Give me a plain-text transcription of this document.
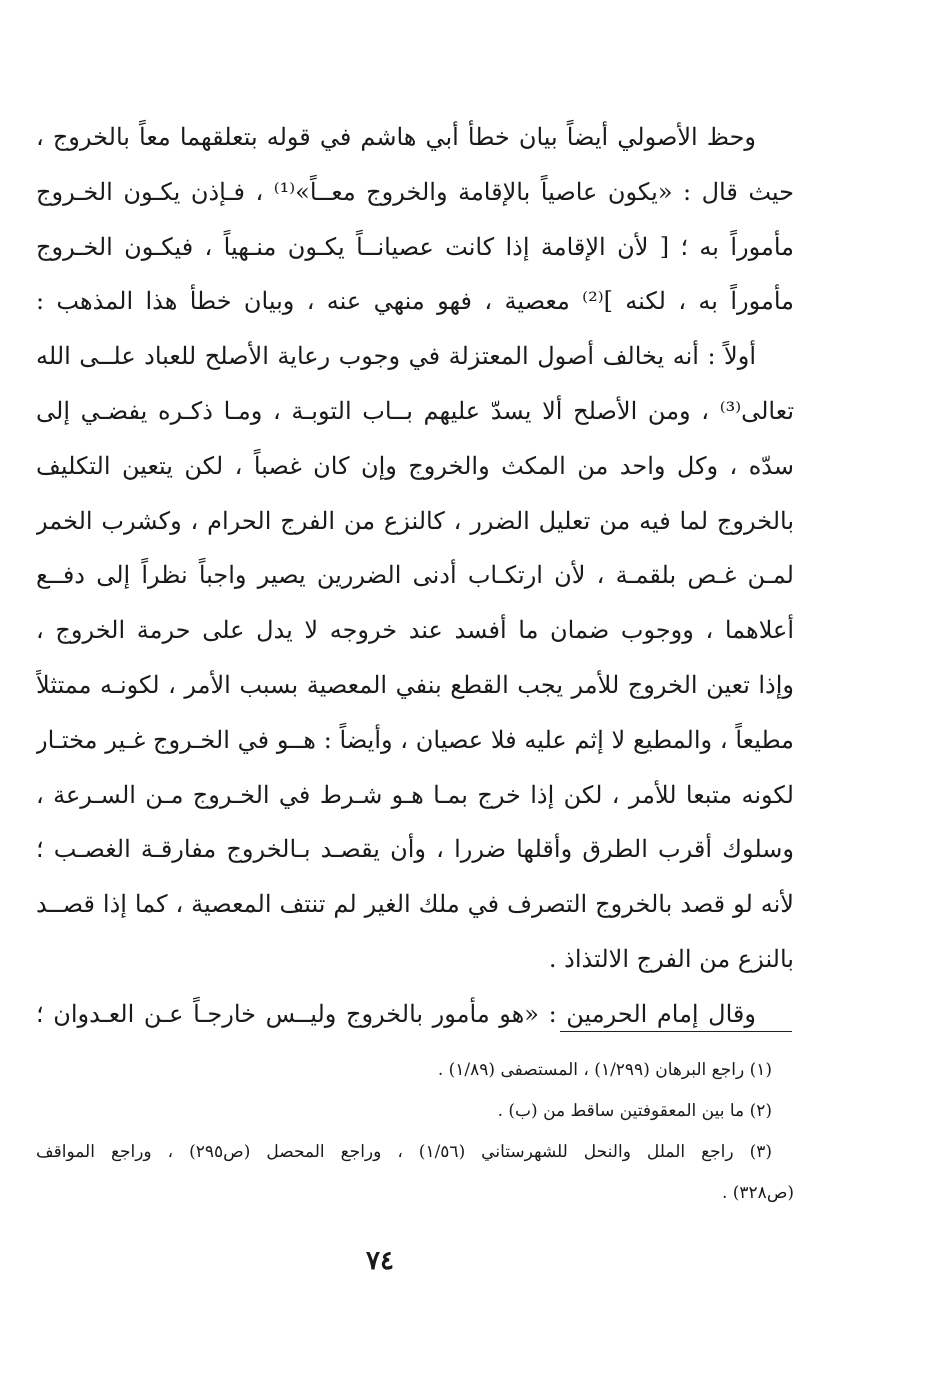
وحظ الأصولي أيضاً بيان خطأ أبي هاشم في قوله بتعلقهما معاً بالخروج ،
حيث قال : «يكون عاصياً بالإقامة والخروج معــاً»⁽¹⁾ ، فـإذن يكـون الخـروج
مأموراً به ؛ [ لأن الإقامة إذا كانت عصيانــاً يكـون منـهياً ، فيكـون الخـروج
مأموراً به ، لكنه ]⁽²⁾ معصية ، فهو منهي عنه ، وبيان خطأ هذا المذهب :
أولاً : أنه يخالف أصول المعتزلة في وجوب رعاية الأصلح للعباد علــى الله
تعالى⁽³⁾ ، ومن الأصلح ألا يسدّ عليهم بــاب التوبـة ، ومـا ذكـره يفضـي إلى
سدّه ، وكل واحد من المكث والخروج وإن كان غصباً ، لكن يتعين التكليف
بالخروج لما فيه من تعليل الضرر ، كالنزع من الفرج الحرام ، وكشرب الخمر
لمـن غـص بلقمـة ، لأن ارتكـاب أدنى الضررين يصير واجباً نظراً إلى دفــع
أعلاهما ، ووجوب ضمان ما أفسد عند خروجه لا يدل على حرمة الخروج ،
وإذا تعين الخروج للأمر يجب القطع بنفي المعصية بسبب الأمر ، لكونـه ممتثلاً
مطيعاً ، والمطيع لا إثم عليه فلا عصيان ، وأيضاً : هــو في الخـروج غـير مختـار
لكونه متبعا للأمر ، لكن إذا خرج بمـا هـو شـرط في الخـروج مـن السـرعة ،
وسلوك أقرب الطرق وأقلها ضررا ، وأن يقصـد بـالخروج مفارقـة الغصـب ؛
لأنه لو قصد بالخروج التصرف في ملك الغير لم تنتف المعصية ، كما إذا قصــد
بالنزع من الفرج الالتذاذ .
وقال إمام الحرمين : «هو مأمور بالخروج وليــس خارجـاً عـن العـدوان ؛
(١) راجع البرهان (١/٢٩٩) ، المستصفى (١/٨٩) .
(٢) ما بين المعقوفتين ساقط من (ب) .
(٣) راجع الملل والنحل للشهرستاني (١/٥٦) ، وراجع المحصل (ص٢٩٥) ، وراجع المواقف
(ص٣٢٨) .
٧٤
